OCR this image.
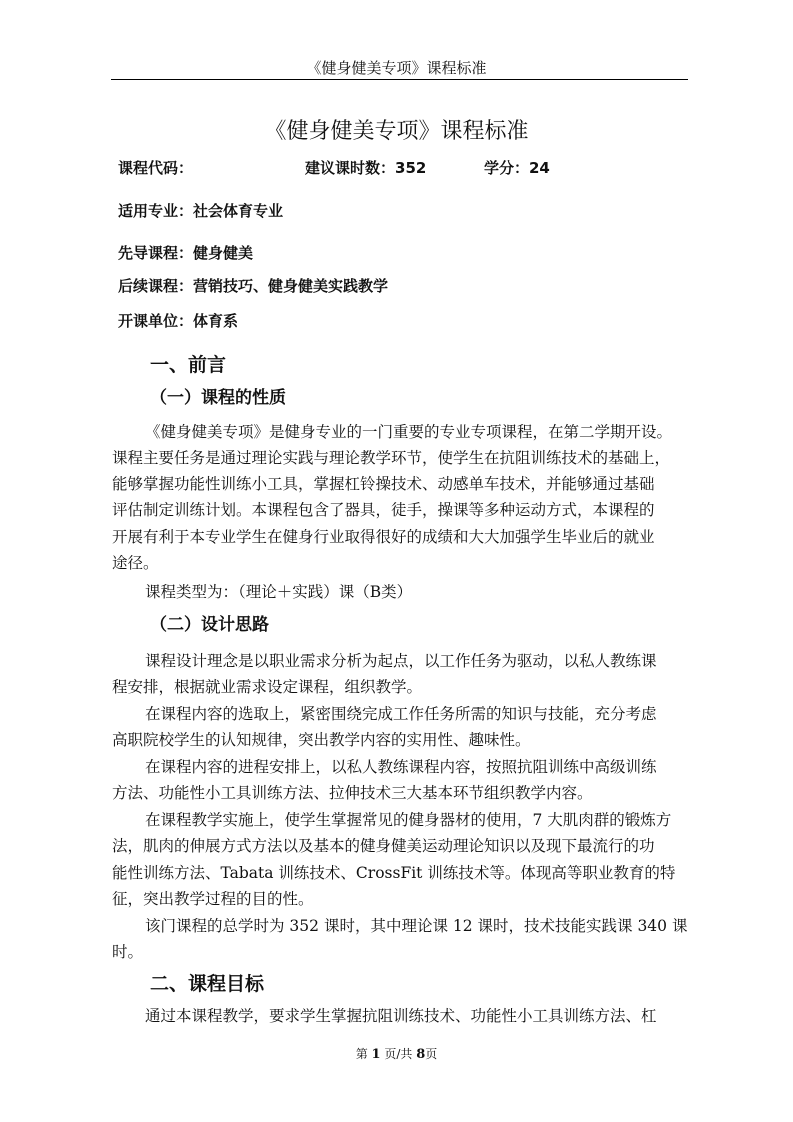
《健身健美专项》课程标准
《健身健美专项》课程标准
课程代码：	建议课时数：352	学分：24
适用专业：社会体育专业
先导课程：健身健美
后续课程：营销技巧、健身健美实践教学
开课单位：体育系
一、前言
（一）课程的性质
《健身健美专项》是健身专业的一门重要的专业专项课程，在第二学期开设。
课程主要任务是通过理论实践与理论教学环节，使学生在抗阻训练技术的基础上，
能够掌握功能性训练小工具，掌握杠铃操技术、动感单车技术，并能够通过基础
评估制定训练计划。本课程包含了器具，徒手，操课等多种运动方式，本课程的
开展有利于本专业学生在健身行业取得很好的成绩和大大加强学生毕业后的就业
途径。
课程类型为：（理论＋实践）课（B类）
（二）设计思路
课程设计理念是以职业需求分析为起点，以工作任务为驱动，以私人教练课
程安排，根据就业需求设定课程，组织教学。
在课程内容的选取上，紧密围绕完成工作任务所需的知识与技能，充分考虑
高职院校学生的认知规律，突出教学内容的实用性、趣味性。
在课程内容的进程安排上，以私人教练课程内容，按照抗阻训练中高级训练
方法、功能性小工具训练方法、拉伸技术三大基本环节组织教学内容。
在课程教学实施上，使学生掌握常见的健身器材的使用，7 大肌肉群的锻炼方
法，肌肉的伸展方式方法以及基本的健身健美运动理论知识以及现下最流行的功
能性训练方法、Tabata 训练技术、CrossFit 训练技术等。体现高等职业教育的特
征，突出教学过程的目的性。
该门课程的总学时为 352 课时，其中理论课 12 课时，技术技能实践课 340 课
时。
二、课程目标
通过本课程教学，要求学生掌握抗阻训练技术、功能性小工具训练方法、杠
第 1 页/共 8页
